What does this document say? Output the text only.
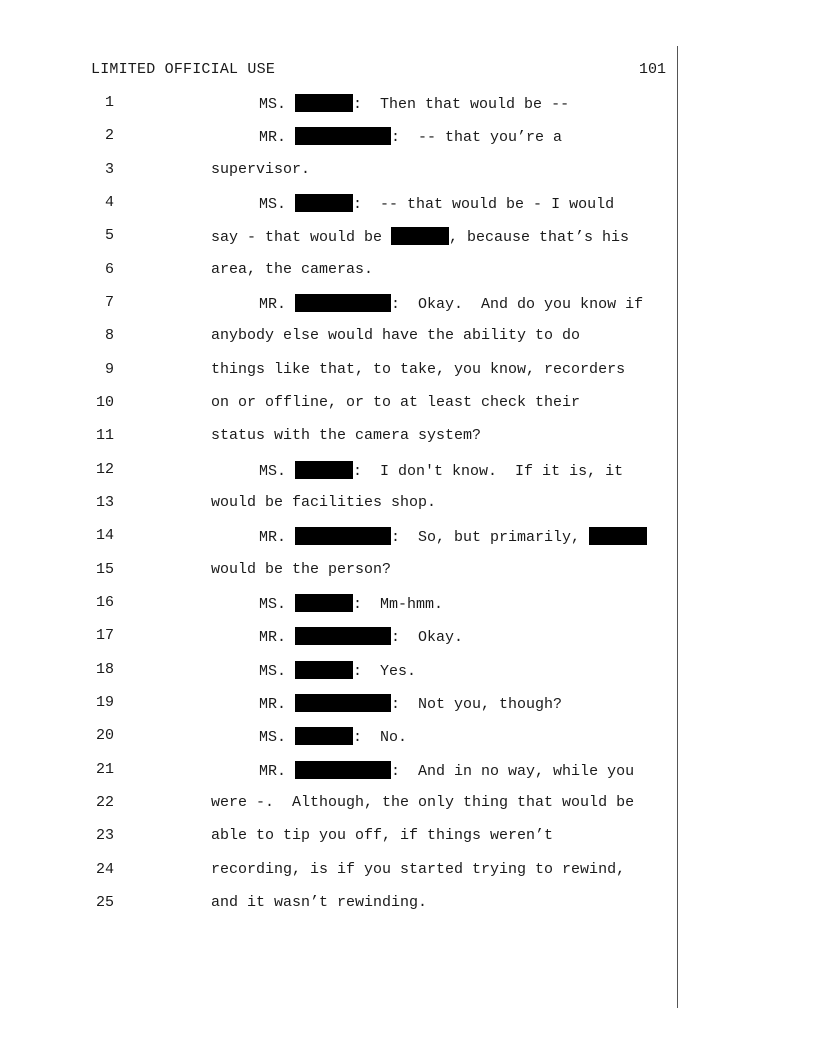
LIMITED OFFICIAL USE	101

1

	MS.	:  Then that would be --

2

	MR.	:  -- that you’re a

3

	supervisor.

4

	MS.	:  -- that would be - I would

5

	say - that would be	, because that’s his

6

	area, the cameras.

7

	MR.	:  Okay.  And do you know if

8

	anybody else would have the ability to do

9

	things like that, to take, you know, recorders

10

	on or offline, or to at least check their

11

	status with the camera system?

12

	MS.	:  I don't know.  If it is, it

13

	would be facilities shop.

14

	MR.	:  So, but primarily,

15

	would be the person?

16

	MS.	:  Mm-hmm.

17

	MR.	:  Okay.

18

	MS.	:  Yes.

19

	MR.	:  Not you, though?

20

	MS.	:  No.

21

	MR.	:  And in no way, while you

22

	were -.  Although, the only thing that would be

23

	able to tip you off, if things weren’t

24

	recording, is if you started trying to rewind,

25

	and it wasn’t rewinding.
